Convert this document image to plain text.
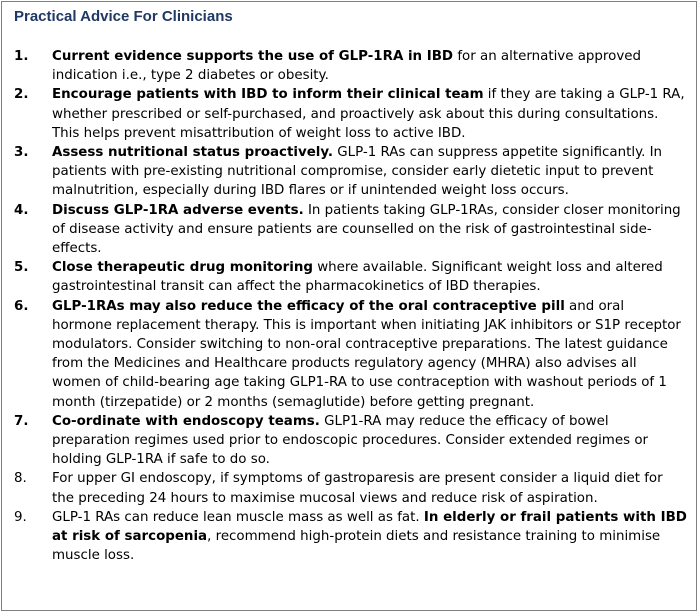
Practical Advice For Clinicians
1. Current evidence supports the use of GLP-1RA in IBD for an alternative approved indication i.e., type 2 diabetes or obesity.
2. Encourage patients with IBD to inform their clinical team if they are taking a GLP-1 RA, whether prescribed or self-purchased, and proactively ask about this during consultations. This helps prevent misattribution of weight loss to active IBD.
3. Assess nutritional status proactively. GLP-1 RAs can suppress appetite significantly. In patients with pre-existing nutritional compromise, consider early dietetic input to prevent malnutrition, especially during IBD flares or if unintended weight loss occurs.
4. Discuss GLP-1RA adverse events. In patients taking GLP-1RAs, consider closer monitoring of disease activity and ensure patients are counselled on the risk of gastrointestinal side-effects.
5. Close therapeutic drug monitoring where available. Significant weight loss and altered gastrointestinal transit can affect the pharmacokinetics of IBD therapies.
6. GLP-1RAs may also reduce the efficacy of the oral contraceptive pill and oral hormone replacement therapy. This is important when initiating JAK inhibitors or S1P receptor modulators. Consider switching to non-oral contraceptive preparations. The latest guidance from the Medicines and Healthcare products regulatory agency (MHRA) also advises all women of child-bearing age taking GLP1-RA to use contraception with washout periods of 1 month (tirzepatide) or 2 months (semaglutide) before getting pregnant.
7. Co-ordinate with endoscopy teams. GLP1-RA may reduce the efficacy of bowel preparation regimes used prior to endoscopic procedures. Consider extended regimes or holding GLP-1RA if safe to do so.
8. For upper GI endoscopy, if symptoms of gastroparesis are present consider a liquid diet for the preceding 24 hours to maximise mucosal views and reduce risk of aspiration.
9. GLP-1 RAs can reduce lean muscle mass as well as fat. In elderly or frail patients with IBD at risk of sarcopenia, recommend high-protein diets and resistance training to minimise muscle loss.
